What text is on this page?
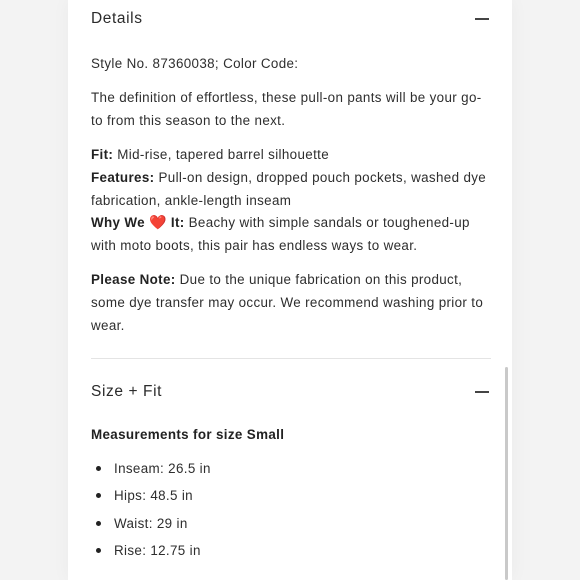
Details
Style No. 87360038; Color Code:
The definition of effortless, these pull-on pants will be your go-to from this season to the next.
Fit: Mid-rise, tapered barrel silhouette
Features: Pull-on design, dropped pouch pockets, washed dye fabrication, ankle-length inseam
Why We ❤️ It: Beachy with simple sandals or toughened-up with moto boots, this pair has endless ways to wear.
Please Note: Due to the unique fabrication on this product, some dye transfer may occur. We recommend washing prior to wear.
Size + Fit
Measurements for size Small
Inseam: 26.5 in
Hips: 48.5 in
Waist: 29 in
Rise: 12.75 in
